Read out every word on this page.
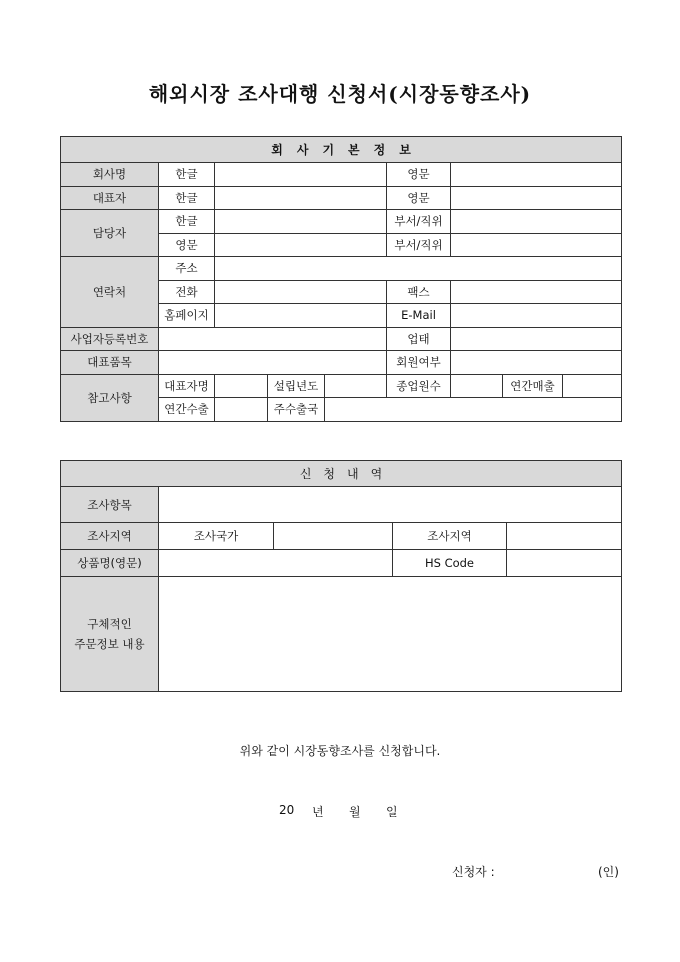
해외시장 조사대행 신청서(시장동향조사)
회사기본정보								
회사명	한글				영문			
대표자	한글				영문			
담당자	한글				부서/직위			
	영문				부서/직위			
연락처	주소							
	전화				팩스			
	홈페이지				E-Mail			
사업자등록번호					업태			
대표품목					회원여부			
참고사항	대표자명		설립년도		종업원수		연간매출	
	연간수출		주수출국					
신청내역				
조사항목				
조사지역	조사국가		조사지역	
상품명(영문)			HS Code	

구체적인
주문정보 내용				

위와 같이 시장동향조사를 신청합니다.
20 년 월 일
신청자 :	(인)
